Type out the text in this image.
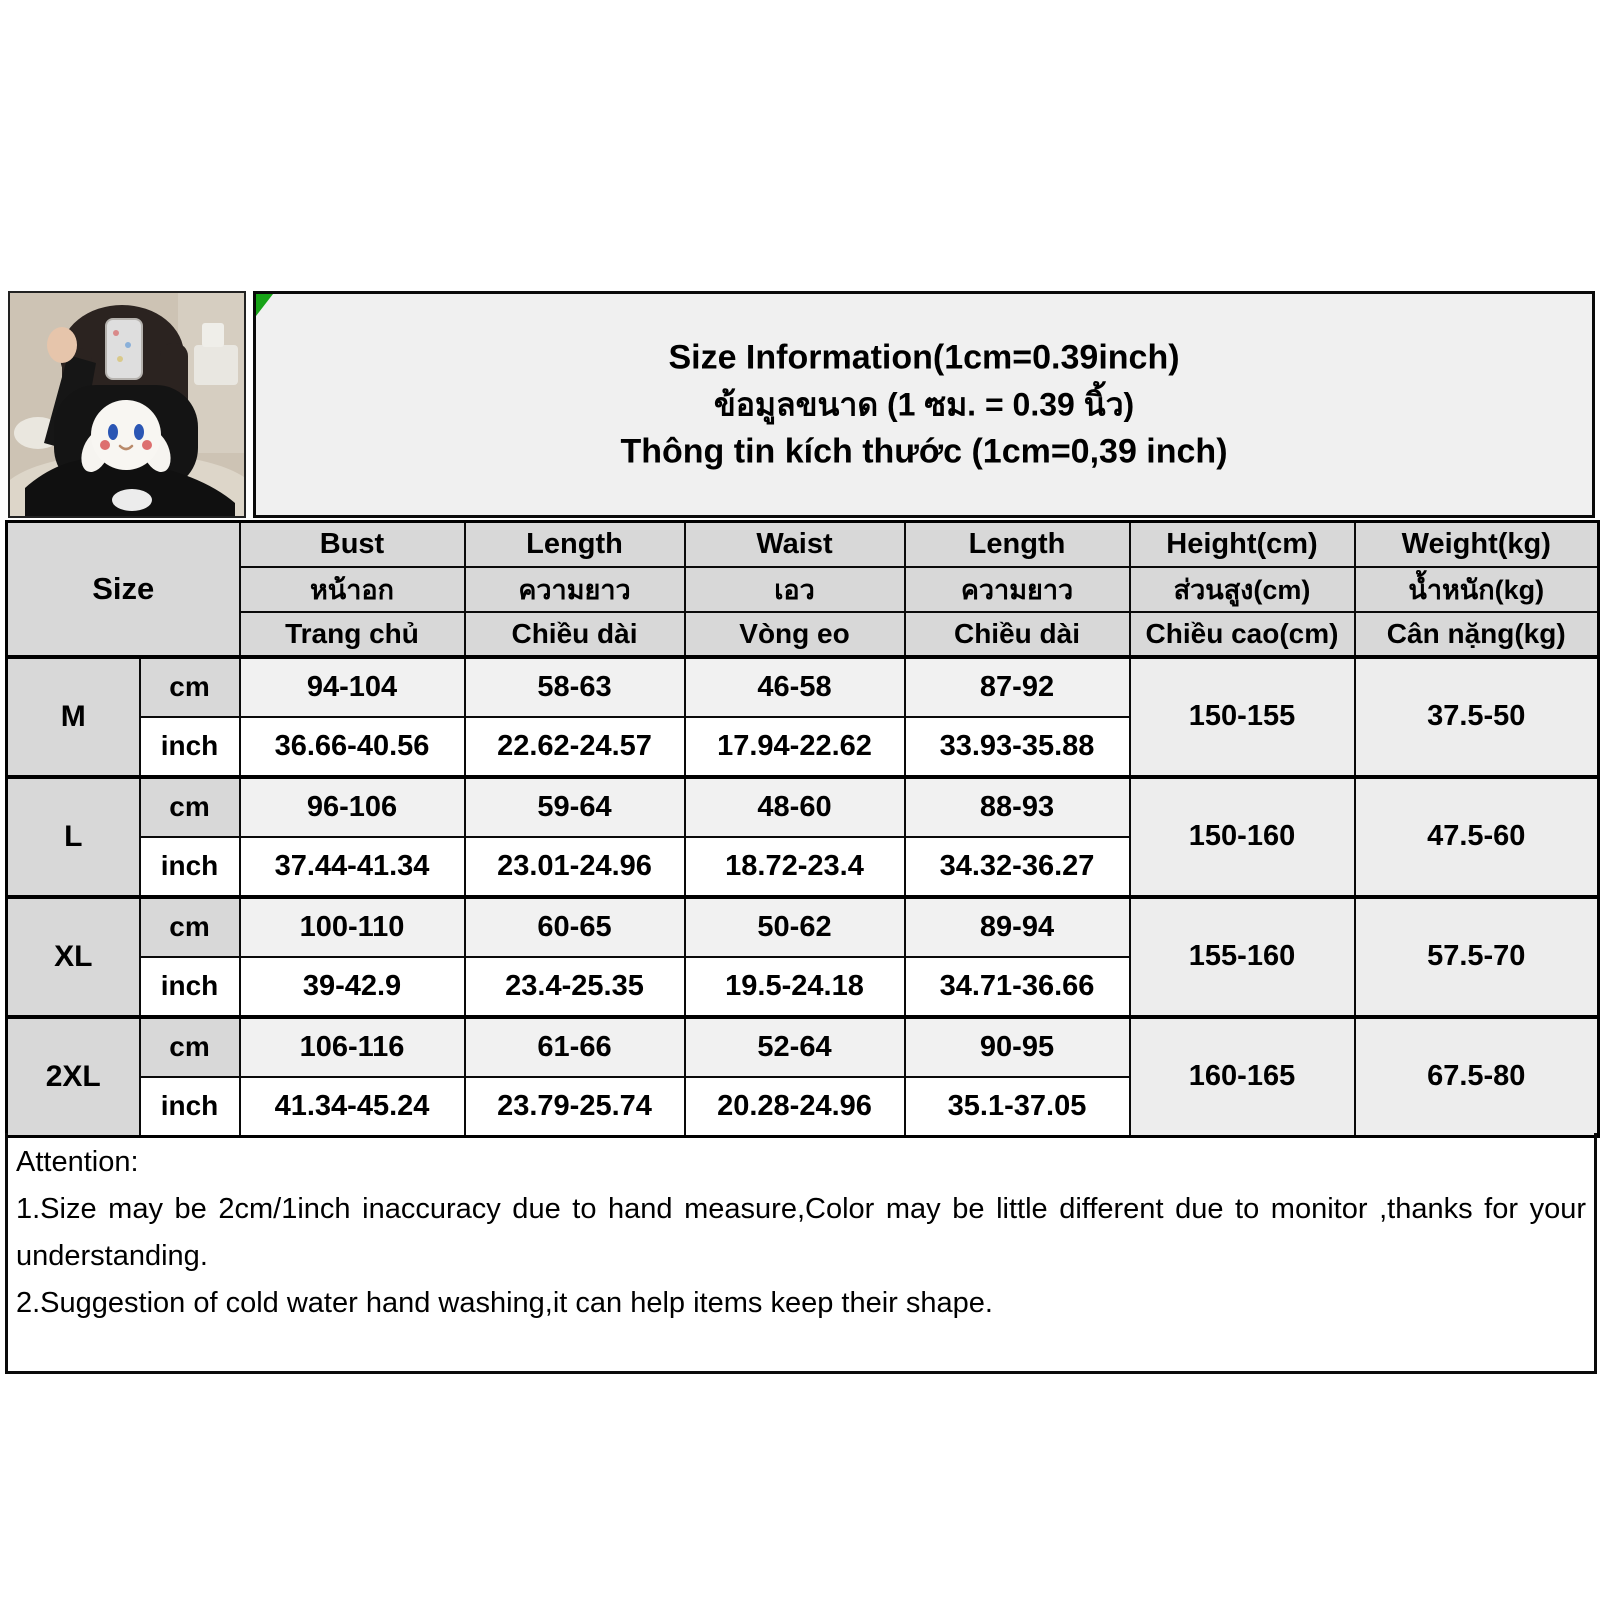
Size Information(1cm=0.39inch)
ข้อมูลขนาด (1 ซม. = 0.39 นิ้ว)
Thông tin kích thước (1cm=0,39 inch)
Size		Bust	Length	Waist	Length	Height(cm)	Weight(kg)
		หน้าอก	ความยาว	เอว	ความยาว	ส่วนสูง(cm)	น้ำหนัก(kg)
		Trang chủ	Chiều dài	Vòng eo	Chiều dài	Chiều cao(cm)	Cân nặng(kg)
M	cm	94-104	58-63	46-58	87-92	150-155	37.5-50
	inch	36.66-40.56	22.62-24.57	17.94-22.62	33.93-35.88		
L	cm	96-106	59-64	48-60	88-93	150-160	47.5-60
	inch	37.44-41.34	23.01-24.96	18.72-23.4	34.32-36.27		
XL	cm	100-110	60-65	50-62	89-94	155-160	57.5-70
	inch	39-42.9	23.4-25.35	19.5-24.18	34.71-36.66		
2XL	cm	106-116	61-66	52-64	90-95	160-165	67.5-80
	inch	41.34-45.24	23.79-25.74	20.28-24.96	35.1-37.05		
Attention:
1.Size may be 2cm/1inch inaccuracy due to hand measure,Color may be little different due to monitor ,thanks for your understanding.
2.Suggestion of cold water hand washing,it can help items keep their shape.
